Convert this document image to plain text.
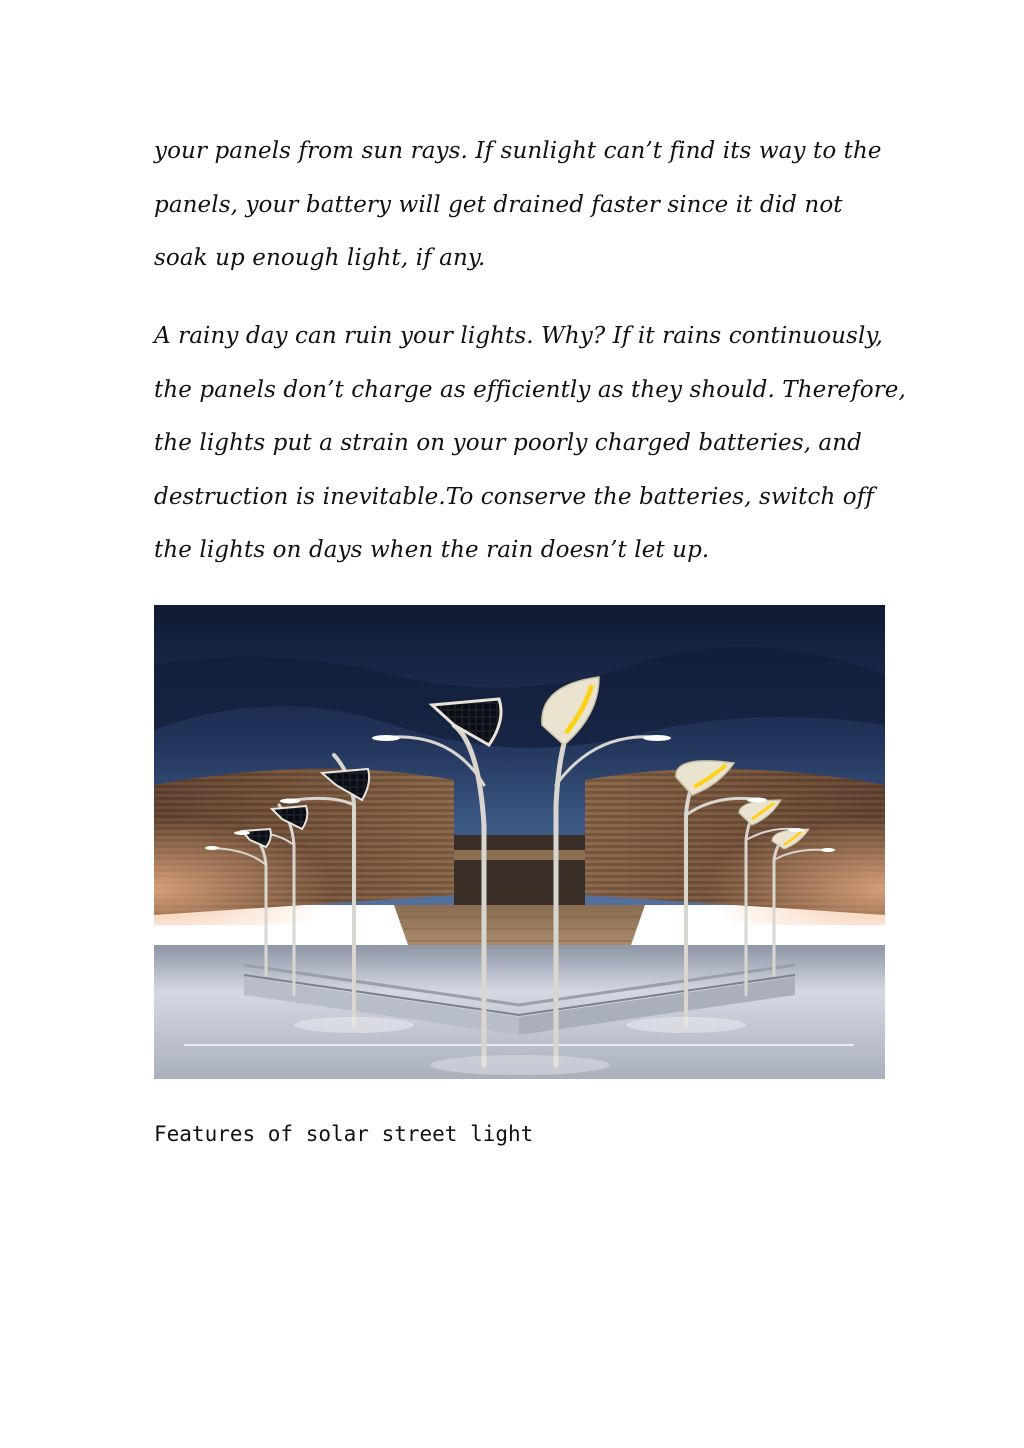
your panels from sun rays. If sunlight can’t find its way to the
panels, your battery will get drained faster since it did not
soak up enough light, if any.

A rainy day can ruin your lights. Why? If it rains continuously,
the panels don’t charge as efficiently as they should. Therefore,
the lights put a strain on your poorly charged batteries, and
destruction is inevitable.To conserve the batteries, switch off
the lights on days when the rain doesn’t let up.

Features of solar street light
